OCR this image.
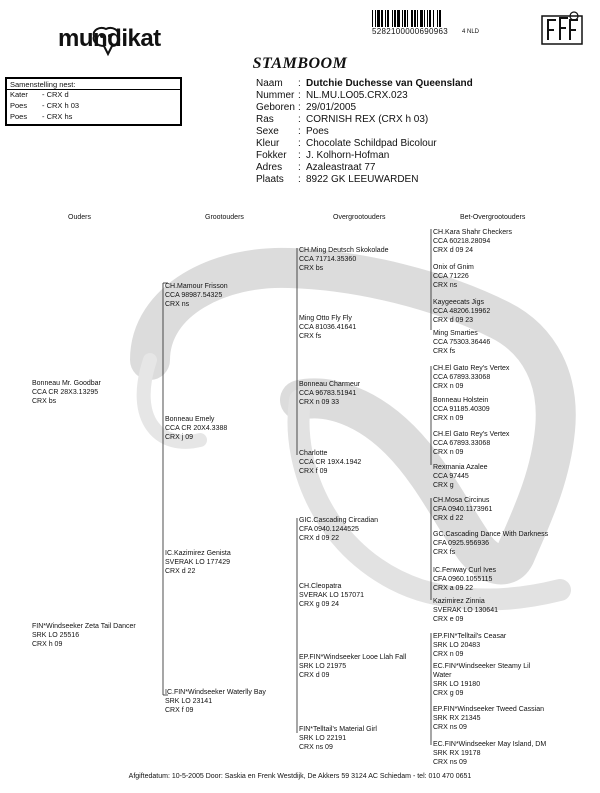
mundikat	5282100000690963 4 NLD
STAMBOOM
Samenstelling nest:
Kater - CRX d
Poes - CRX h 03
Poes - CRX hs
Naam : Dutchie Duchesse van Queensland
Nummer : NL.MU.LO05.CRX.023
Geboren : 29/01/2005
Ras : CORNISH REX (CRX h 03)
Sexe : Poes
Kleur : Chocolate Schildpad Bicolour
Fokker : J. Kolhorn-Hofman
Adres : Azaleastraat 77
Plaats : 8922 GK LEEUWARDEN
Ouders	Grootouders	Overgrootouders	Bet-Overgrootouders
Bonneau Mr. Goodbar
CCA CR 28X3.13295
CRX bs
FIN*Windseeker Zeta Tail Dancer
SRK LO 25516
CRX h 09
CH.Mamour Frisson
CCA 98987.54325
CRX ns
Bonneau Emely
CCA CR 20X4.3388
CRX j 09
IC.Kazimirez Genista
SVERAK LO 177429
CRX d 22
IC.FIN*Windseeker Waterlly Bay
SRK LO 23141
CRX f 09
CH.Ming Deutsch Skokolade
CCA 71714.35360
CRX bs
Ming Otto Fly Fly
CCA 81036.41641
CRX fs
Bonneau Charmeur
CCA 96783.51941
CRX n 09 33
Charlotte
CCA CR 19X4.1942
CRX f 09
GIC.Cascading Circadian
CFA 0940.1244525
CRX d 09 22
CH.Cleopatra
SVERAK LO 157071
CRX g 09 24
EP.FIN*Windseeker Looe Llah Fall
SRK LO 21975
CRX d 09
FIN*Telltail's Material Girl
SRK LO 22191
CRX ns 09
CH.Kara Shahr Checkers
CCA 60218.28094
CRX d 09 24
Onix of Gnim
CCA 71226
CRX ns
Kaygeecats Jigs
CCA 48206.19962
CRX d 09 23
Ming Smarties
CCA 75303.36446
CRX fs
CH.El Gato Rey's Vertex
CCA 67893.33068
CRX n 09
Bonneau Holstein
CCA 91185.40309
CRX n 09
CH.El Gato Rey's Vertex
CCA 67893.33068
CRX n 09
Rexmania Azalee
CCA 97445
CRX g
CH.Mosa Circinus
CFA 0940.1173961
CRX d 22
GC.Cascading Dance With Darkness
CFA 0925.956936
CRX fs
IC.Fenway Curl Ives
CFA 0960.1055115
CRX a 09 22
Kazimirez Zinnia
SVERAK LO 130641
CRX e 09
EP.FIN*Telltail's Ceasar
SRK LO 20483
CRX n 09
EC.FIN*Windseeker Steamy Lil
Water
SRK LO 19180
CRX g 09
EP.FIN*Windseeker Tweed Cassian
SRK RX 21345
CRX ns 09
EC.FIN*Windseeker May Island, DM
SRK RX 19178
CRX ns 09
Afgiftedatum: 10-5-2005 Door: Saskia en Frenk Westdijk, De Akkers 59 3124 AC Schiedam - tel: 010 470 0651
